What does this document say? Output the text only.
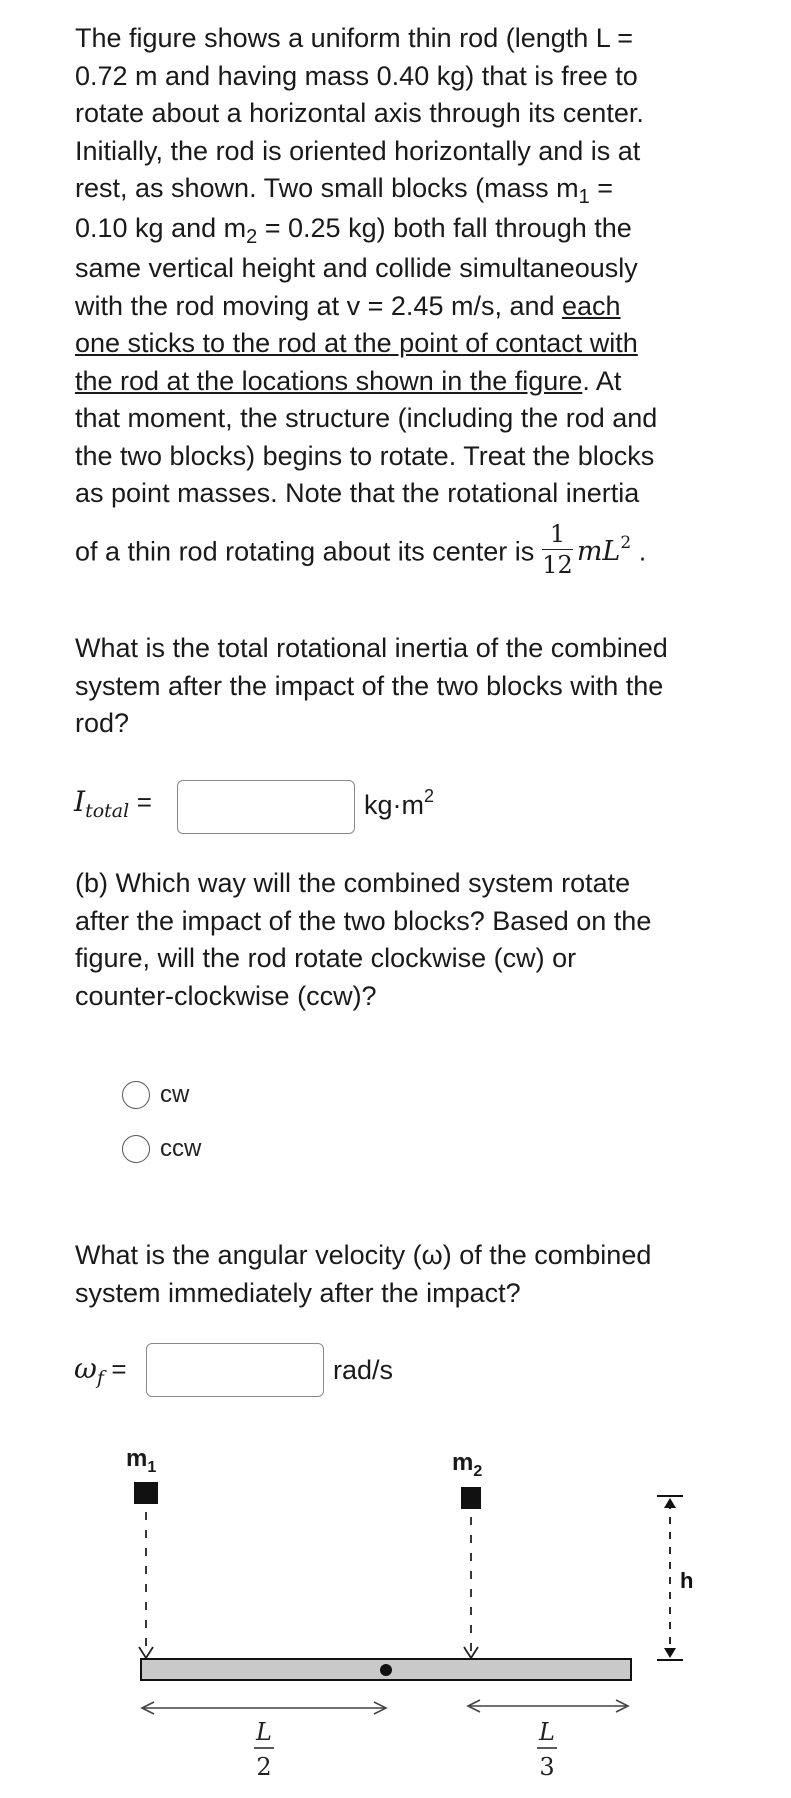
The figure shows a uniform thin rod (length L =
0.72 m and having mass 0.40 kg) that is free to
rotate about a horizontal axis through its center.
Initially, the rod is oriented horizontally and is at
rest, as shown. Two small blocks (mass $m_1$ =
0.10 kg and $m_2 = 0.25$ kg) both fall through the
same vertical height and collide simultaneously
with the rod moving at v = 2.45 m/s, and each
one sticks to the rod at the point of contact with
the rod at the locations shown in the figure. At
that moment, the structure (including the rod and
the two blocks) begins to rotate. Treat the blocks
as point masses. Note that the rotational inertia
of a thin rod rotating about its center is $\frac{1}{12} mL^2$ .
What is the total rotational inertia of the combined
system after the impact of the two blocks with the
rod?
$I_{total}$ =	$kg\cdot m^2$
(b) Which way will the combined system rotate
after the impact of the two blocks? Based on the
figure, will the rod rotate clockwise (cw) or
counter-clockwise (ccw)?
cw
ccw
What is the angular velocity (ω) of the combined
system immediately after the impact?
$\omega_f$ =	rad/s
$m_1$	$m_2$
h
L
2
L
3
